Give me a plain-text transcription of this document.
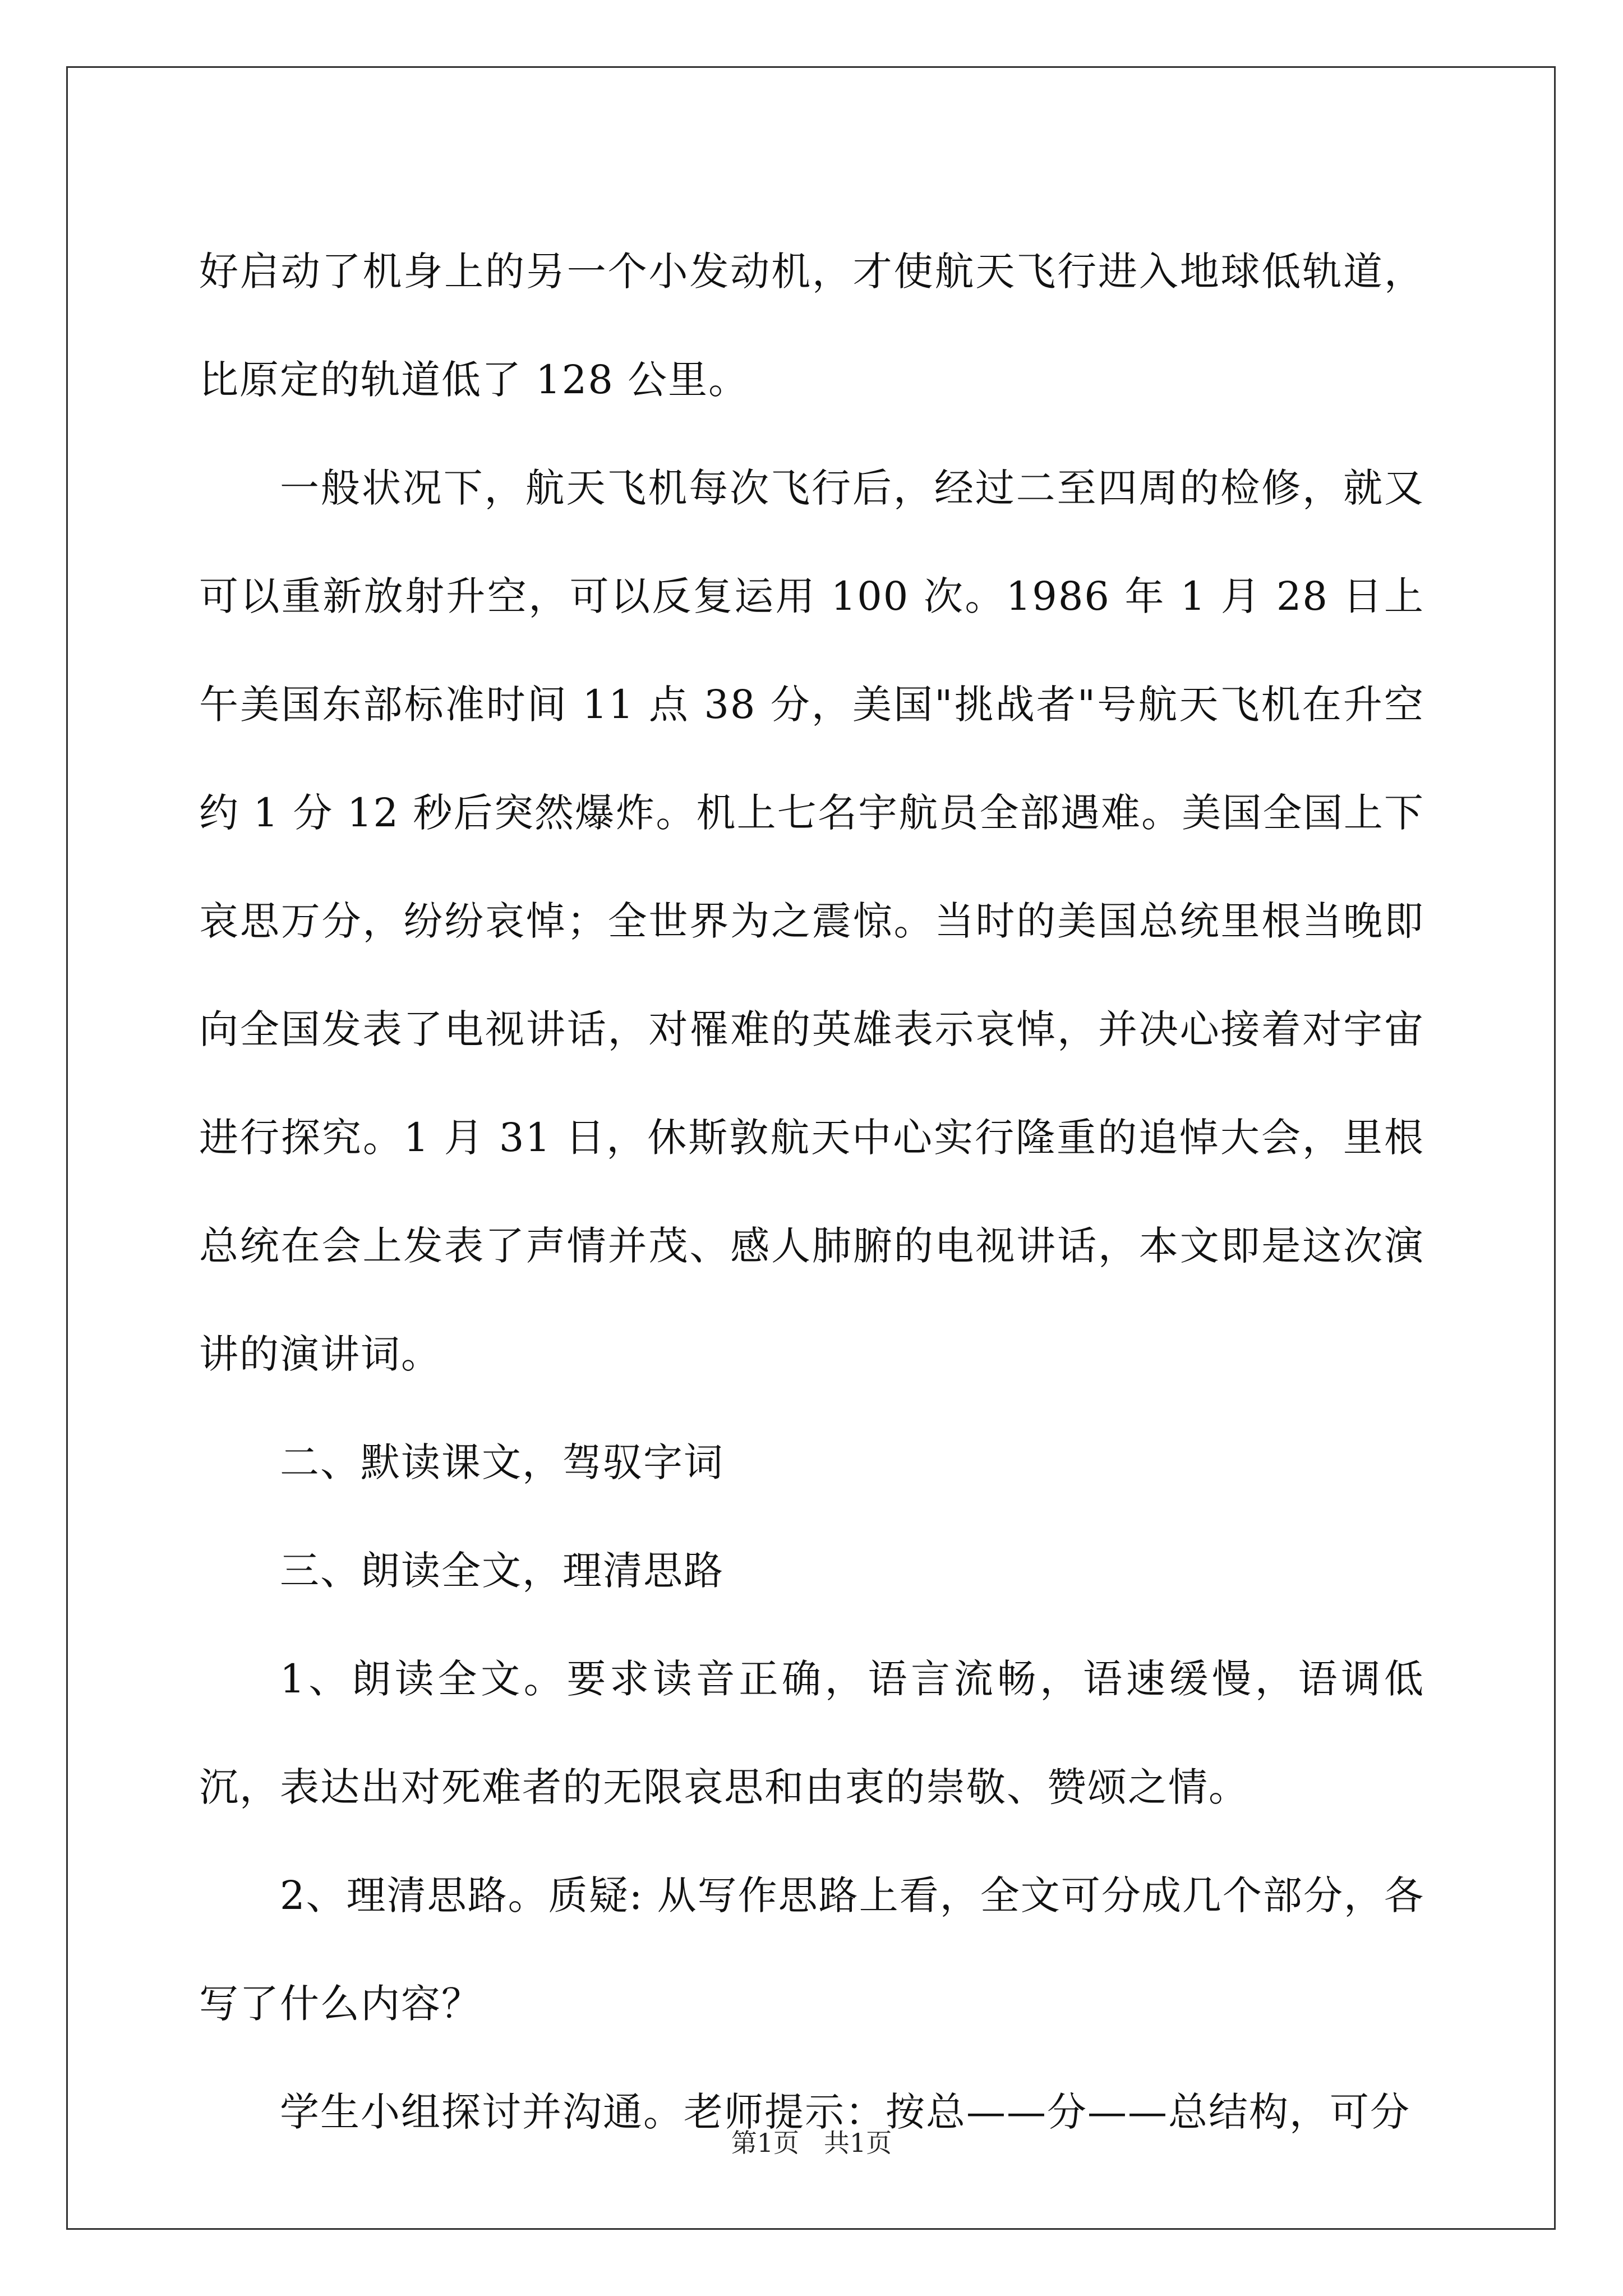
好启动了机身上的另一个小发动机，才使航天飞行进入地球低轨道，比原定的轨道低了 128 公里。

一般状况下，航天飞机每次飞行后，经过二至四周的检修，就又可以重新放射升空，可以反复运用 100 次。1986 年 1 月 28 日上午美国东部标准时间 11 点 38 分，美国"挑战者"号航天飞机在升空约 1 分 12 秒后突然爆炸。机上七名宇航员全部遇难。美国全国上下哀思万分，纷纷哀悼；全世界为之震惊。当时的美国总统里根当晚即向全国发表了电视讲话，对罹难的英雄表示哀悼，并决心接着对宇宙进行探究。1 月 31 日，休斯敦航天中心实行隆重的追悼大会，里根总统在会上发表了声情并茂、感人肺腑的电视讲话，本文即是这次演讲的演讲词。

二、默读课文，驾驭字词

三、朗读全文，理清思路

1、朗读全文。要求读音正确，语言流畅，语速缓慢，语调低沉，表达出对死难者的无限哀思和由衷的崇敬、赞颂之情。

2、理清思路。质疑: 从写作思路上看，全文可分成几个部分，各写了什么内容？

学生小组探讨并沟通。老师提示：按总——分——总结构，可分

第1页 共1页
